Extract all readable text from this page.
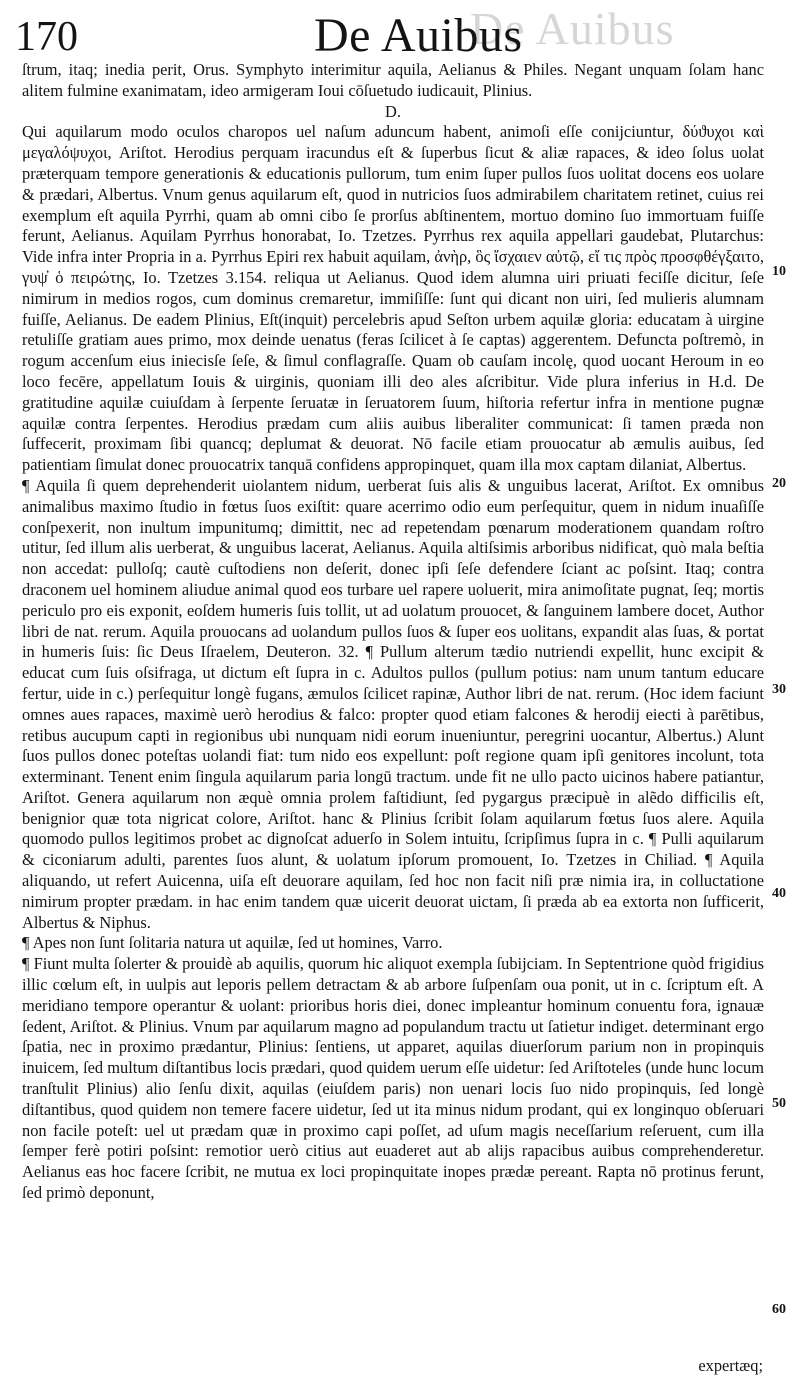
De Auibus
170	De Auibus

ſtrum, itaq; inedia perit, Orus. Symphyto interimitur aquila, Aelianus & Philes. Negant unquam ſolam hanc alitem fulmine exanimatam, ideo armigeram Ioui cōſuetudo iudicauit, Plinius.

D.

Qui aquilarum modo oculos charopos uel naſum aduncum habent, animoſi eſſe conijciuntur, δύϑυχοι καὶ μεγαλόψυχοι, Ariſtot. Herodius perquam iracundus eſt & ſuperbus ſicut & aliæ rapaces, & ideo ſolus uolat præterquam tempore generationis & educationis pullorum, tum enim ſuper pullos ſuos uolitat docens eos uolare & prædari, Albertus. Vnum genus aquilarum eſt, quod in nutricios ſuos admirabilem charitatem retinet, cuius rei exemplum eſt aquila Pyrrhi, quam ab omni cibo ſe prorſus abſtinentem, mortuo domino ſuo immortuam fuiſſe ferunt, Aelianus. Aquilam Pyrrhus honorabat, Io. Tzetzes. Pyrrhus rex aquila appellari gaudebat, Plutarchus: Vide infra inter Propria in a. Pyrrhus Epiri rex habuit aquilam, ἀνὴρ, ὃς ἴσχαιεν αὐτῷ, εἴ τις πρὸς προσφθέγξαιτο, γυψ̓ ὁ πειρώτης, Io. Tzetzes 3.154. reliqua ut Aelianus. Quod idem alumna uiri priuati feciſſe dicitur, ſeſe nimirum in medios rogos, cum dominus cremaretur, immiſiſſe: ſunt qui dicant non uiri, ſed mulieris alumnam fuiſſe, Aelianus. De eadem Plinius, Eſt(inquit) percelebris apud Seſton urbem aquilæ gloria: educatam à uirgine retuliſſe gratiam aues primo, mox deinde uenatus (feras ſcilicet à ſe captas) aggerentem. Defuncta poſtremò, in rogum accenſum eius iniecisſe ſeſe, & ſimul conflagraſſe. Quam ob cauſam incolę, quod uocant Heroum in eo loco fecēre, appellatum Iouis & uirginis, quoniam illi deo ales aſcribitur. Vide plura inferius in H.d. De gratitudine aquilæ cuiuſdam à ſerpente ſeruatæ in ſeruatorem ſuum, hiſtoria refertur infra in mentione pugnæ aquilæ contra ſerpentes. Herodius prædam cum aliis auibus liberaliter communicat: ſi tamen præda non ſuffecerit, proximam ſibi quancq; deplumat & deuorat. Nō facile etiam prouocatur ab æmulis auibus, ſed patientiam ſimulat donec prouocatrix tanquā confidens appropinquet, quam illa mox captam dilaniat, Albertus.

¶ Aquila ſi quem deprehenderit uiolantem nidum, uerberat ſuis alis & unguibus lacerat, Ariſtot. Ex omnibus animalibus maximo ſtudio in fœtus ſuos exiſtit: quare acerrimo odio eum perſequitur, quem in nidum inuaſiſſe conſpexerit, non inultum impunitumq; dimittit, nec ad repetendam pœnarum moderationem quandam roſtro utitur, ſed illum alis uerberat, & unguibus lacerat, Aelianus. Aquila altiſsimis arboribus nidificat, quò mala beſtia non accedat: pulloſq; cautè cuſtodiens non deſerit, donec ipſi ſeſe defendere ſciant ac poſsint. Itaq; contra draconem uel hominem aliudue animal quod eos turbare uel rapere uoluerit, mira animoſitate pugnat, ſeq; mortis periculo pro eis exponit, eoſdem humeris ſuis tollit, ut ad uolatum prouocet, & ſanguinem lambere docet, Author libri de nat. rerum. Aquila prouocans ad uolandum pullos ſuos & ſuper eos uolitans, expandit alas ſuas, & portat in humeris ſuis: ſic Deus Iſraelem, Deuteron. 32. ¶ Pullum alterum tædio nutriendi expellit, hunc excipit & educat cum ſuis oſsifraga, ut dictum eſt ſupra in c. Adultos pullos (pullum potius: nam unum tantum educare fertur, uide in c.) perſequitur longè fugans, æmulos ſcilicet rapinæ, Author libri de nat. rerum. (Hoc idem faciunt omnes aues rapaces, maximè uerò herodius & falco: propter quod etiam falcones & herodij eiecti à parētibus, retibus aucupum capti in regionibus ubi nunquam nidi eorum inueniuntur, peregrini uocantur, Albertus.) Alunt ſuos pullos donec poteſtas uolandi fiat: tum nido eos expellunt: poſt regione quam ipſi genitores incolunt, tota exterminant. Tenent enim ſingula aquilarum paria longū tractum. unde fit ne ullo pacto uicinos habere patiantur, Ariſtot. Genera aquilarum non æquè omnia prolem faſtidiunt, ſed pygargus præcipuè in alẽdo difficilis eſt, benignior quæ tota nigricat colore, Ariſtot. hanc & Plinius ſcribit ſolam aquilarum fœtus ſuos alere. Aquila quomodo pullos legitimos probet ac dignoſcat aduerſo in Solem intuitu, ſcripſimus ſupra in c. ¶ Pulli aquilarum & ciconiarum adulti, parentes ſuos alunt, & uolatum ipſorum promouent, Io. Tzetzes in Chiliad. ¶ Aquila aliquando, ut refert Auicenna, uiſa eſt deuorare aquilam, ſed hoc non facit niſi præ nimia ira, in colluctatione nimirum propter prædam. in hac enim tandem quæ uicerit deuorat uictam, ſi præda ab ea extorta non ſufficerit, Albertus & Niphus.

¶ Apes non ſunt ſolitaria natura ut aquilæ, ſed ut homines, Varro.

¶ Fiunt multa ſolerter & prouidè ab aquilis, quorum hic aliquot exempla ſubijciam. In Septentrione quòd frigidius illic cœlum eſt, in uulpis aut leporis pellem detractam & ab arbore ſuſpenſam oua ponit, ut in c. ſcriptum eſt. A meridiano tempore operantur & uolant: prioribus horis diei, donec impleantur hominum conuentu fora, ignauæ ſedent, Ariſtot. & Plinius. Vnum par aquilarum magno ad populandum tractu ut ſatietur indiget. determinant ergo ſpatia, nec in proximo prædantur, Plinius: ſentiens, ut apparet, aquilas diuerſorum parium non in propinquis inuicem, ſed multum diſtantibus locis prædari, quod quidem uerum eſſe uidetur: ſed Ariſtoteles (unde hunc locum tranſtulit Plinius) alio ſenſu dixit, aquilas (eiuſdem paris) non uenari locis ſuo nido propinquis, ſed longè diſtantibus, quod quidem non temere facere uidetur, ſed ut ita minus nidum prodant, qui ex longinquo obſeruari non facile poteſt: uel ut prædam quæ in proximo capi poſſet, ad uſum magis neceſſarium reſeruent, cum illa ſemper ferè potiri poſsint: remotior uerò citius aut euaderet aut ab alijs rapacibus auibus comprehenderetur. Aelianus eas hoc facere ſcribit, ne mutua ex loci propinquitate inopes prædæ pereant. Rapta nō protinus ferunt, ſed primò deponunt,

10
20
30
40
50
60
expertæq;
